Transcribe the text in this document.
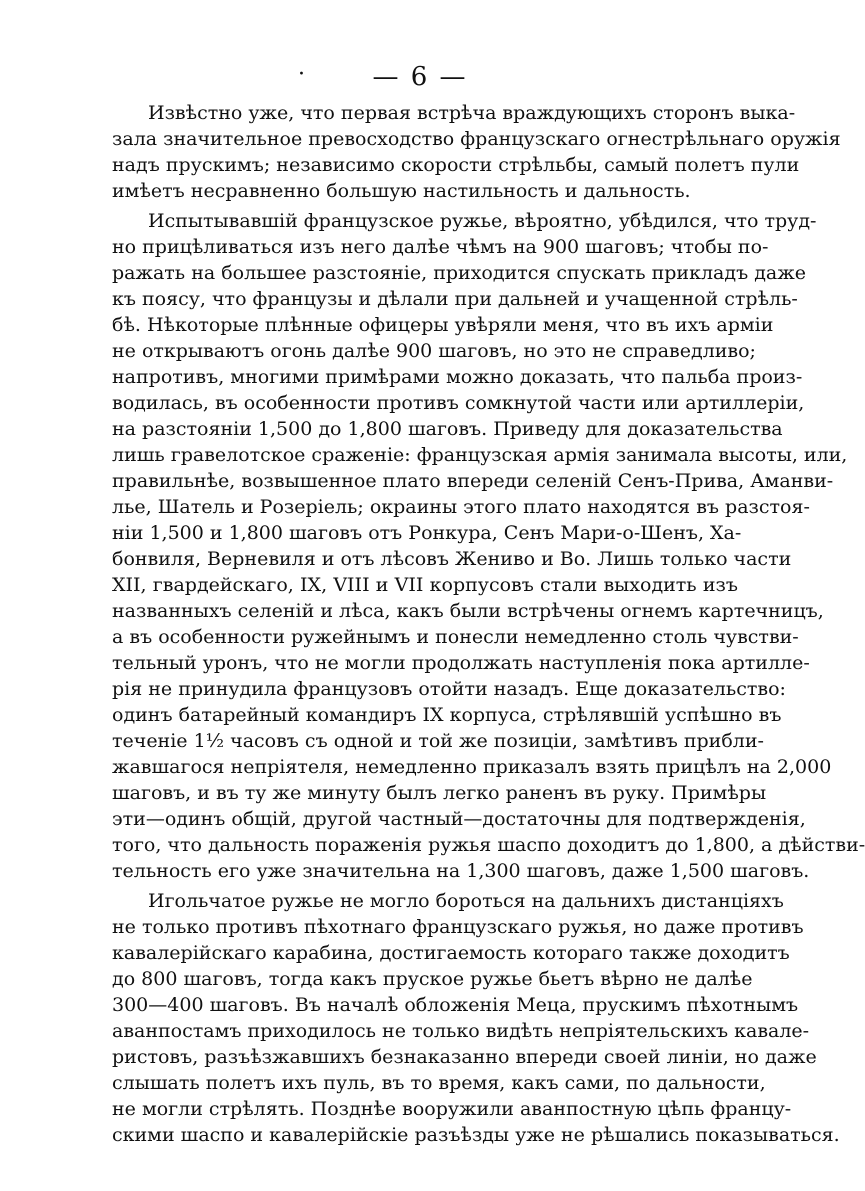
·	— 6 —
Извѣстно уже, что первая встрѣча враждующихъ сторонъ выка-
зала значительное превосходство французскаго огнестрѣльнаго оружія
надъ прускимъ; независимо скорости стрѣльбы, самый полетъ пули
имѣетъ несравненно большую настильность и дальность.
Испытывавшій французское ружье, вѣроятно, убѣдился, что труд-
но прицѣливаться изъ него далѣе чѣмъ на 900 шаговъ; чтобы по-
ражать на большее разстояніе, приходится спускать прикладъ даже
къ поясу, что французы и дѣлали при дальней и учащенной стрѣль-
бѣ. Нѣкоторые плѣнные офицеры увѣряли меня, что въ ихъ арміи
не открываютъ огонь далѣе 900 шаговъ, но это не справедливо;
напротивъ, многими примѣрами можно доказать, что пальба произ-
водилась, въ особенности противъ сомкнутой части или артиллеріи,
на разстояніи 1,500 до 1,800 шаговъ. Приведу для доказательства
лишь гравелотское сраженіе: французская армія занимала высоты, или,
правильнѣе, возвышенное плато впереди селеній Сенъ-Прива, Аманви-
лье, Шатель и Розеріель; окраины этого плато находятся въ разстоя-
ніи 1,500 и 1,800 шаговъ отъ Ронкура, Сенъ Мари-о-Шенъ, Ха-
бонвиля, Верневиля и отъ лѣсовъ Жениво и Во. Лишь только части
XII, гвардейскаго, IX, VIII и VII корпусовъ стали выходить изъ
названныхъ селеній и лѣса, какъ были встрѣчены огнемъ картечницъ,
а въ особенности ружейнымъ и понесли немедленно столь чувстви-
тельный уронъ, что не могли продолжать наступленія пока артилле-
рія не принудила французовъ отойти назадъ. Еще доказательство:
одинъ батарейный командиръ IX корпуса, стрѣлявшій успѣшно въ
теченіе 1½ часовъ съ одной и той же позиціи, замѣтивъ прибли-
жавшагося непріятеля, немедленно приказалъ взять прицѣлъ на 2,000
шаговъ, и въ ту же минуту былъ легко раненъ въ руку. Примѣры
эти—одинъ общій, другой частный—достаточны для подтвержденія,
того, что дальность пораженія ружья шаспо доходитъ до 1,800, а дѣйстви-
тельность его уже значительна на 1,300 шаговъ, даже 1,500 шаговъ.
Игольчатое ружье не могло бороться на дальнихъ дистанціяхъ
не только противъ пѣхотнаго французскаго ружья, но даже противъ
кавалерійскаго карабина, достигаемость котораго также доходитъ
до 800 шаговъ, тогда какъ пруское ружье бьетъ вѣрно не далѣе
300—400 шаговъ. Въ началѣ обложенія Меца, прускимъ пѣхотнымъ
аванпостамъ приходилось не только видѣть непріятельскихъ кавале-
ристовъ, разъѣзжавшихъ безнаказанно впереди своей линіи, но даже
слышать полетъ ихъ пуль, въ то время, какъ сами, по дальности,
не могли стрѣлять. Позднѣе вооружили аванпостную цѣпь францу-
скими шаспо и кавалерійскіе разъѣзды уже не рѣшались показываться.
